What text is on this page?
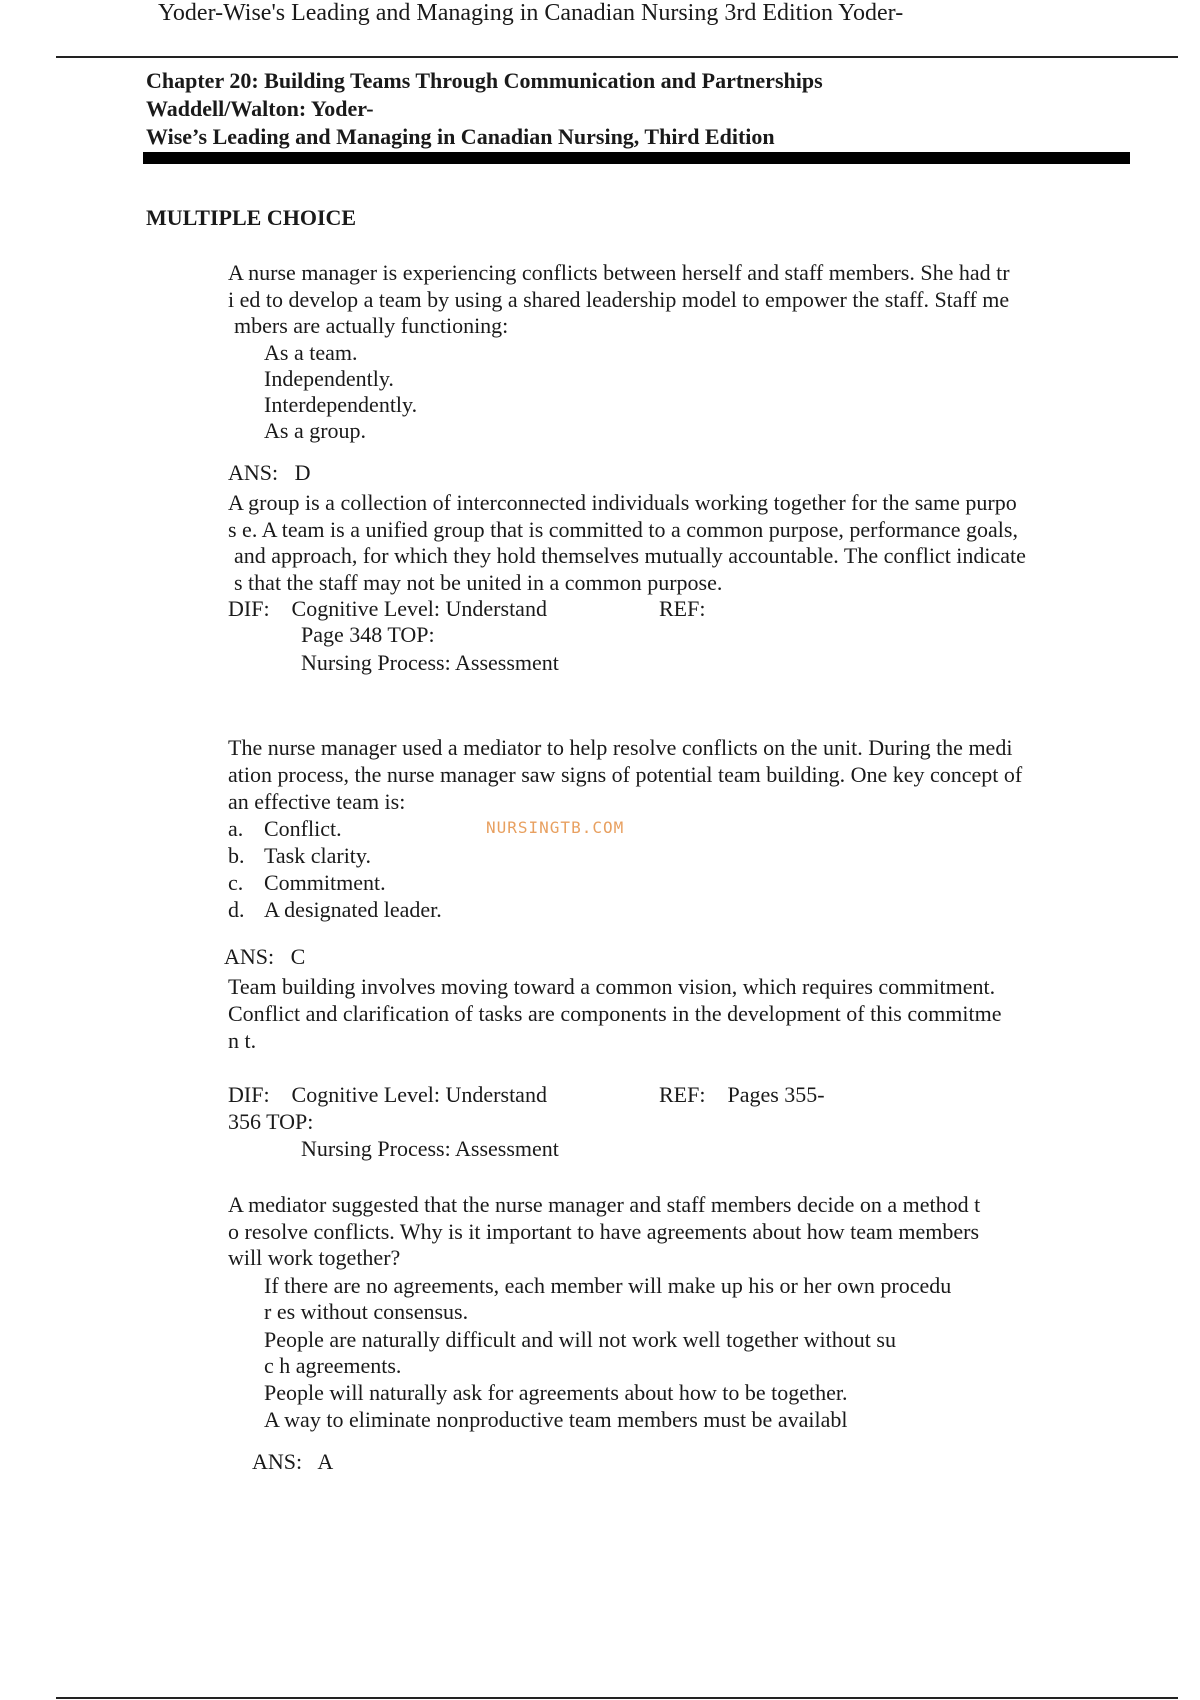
Yoder-Wise's Leading and Managing in Canadian Nursing 3rd Edition Yoder-
Chapter 20: Building Teams Through Communication and Partnerships
Waddell/Walton: Yoder-
Wise’s Leading and Managing in Canadian Nursing, Third Edition
MULTIPLE CHOICE
A nurse manager is experiencing conflicts between herself and staff members. She had tr
i ed to develop a team by using a shared leadership model to empower the staff. Staff me
mbers are actually functioning:
As a team.
Independently.
Interdependently.
As a group.
ANS:   D
A group is a collection of interconnected individuals working together for the same purpo
s e. A team is a unified group that is committed to a common purpose, performance goals,
and approach, for which they hold themselves mutually accountable. The conflict indicate
s that the staff may not be united in a common purpose.
DIF:    Cognitive Level: Understand	REF:
Page 348 TOP:
Nursing Process: Assessment
The nurse manager used a mediator to help resolve conflicts on the unit. During the medi
ation process, the nurse manager saw signs of potential team building. One key concept of
an effective team is:
a. Conflict.	NURSINGTB.COM
b. Task clarity.
c. Commitment.
d. A designated leader.
ANS:   C
Team building involves moving toward a common vision, which requires commitment.
Conflict and clarification of tasks are components in the development of this commitme
n t.
DIF:    Cognitive Level: Understand	REF:    Pages 355-
356 TOP:
Nursing Process: Assessment
A mediator suggested that the nurse manager and staff members decide on a method t
o resolve conflicts. Why is it important to have agreements about how team members
will work together?
If there are no agreements, each member will make up his or her own procedu
r es without consensus.
People are naturally difficult and will not work well together without su
c h agreements.
People will naturally ask for agreements about how to be together.
A way to eliminate nonproductive team members must be availabl
ANS:   A
